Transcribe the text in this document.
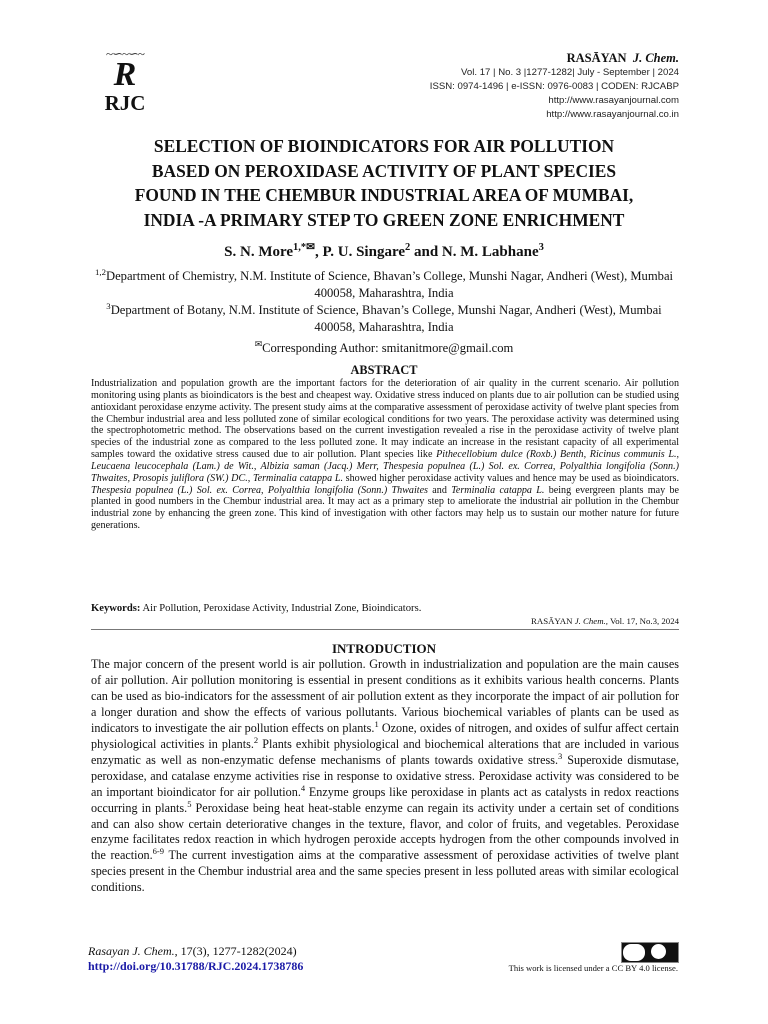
~∽~∽~
R
RJC
RASĀYAN J. Chem.
Vol. 17 | No. 3 |1277-1282| July - September | 2024
ISSN: 0974-1496 | e-ISSN: 0976-0083 | CODEN: RJCABP
http://www.rasayanjournal.com
http://www.rasayanjournal.co.in
SELECTION OF BIOINDICATORS FOR AIR POLLUTION
BASED ON PEROXIDASE ACTIVITY OF PLANT SPECIES
FOUND IN THE CHEMBUR INDUSTRIAL AREA OF MUMBAI,
INDIA -A PRIMARY STEP TO GREEN ZONE ENRICHMENT
S. N. More$^{1,*✉}$, P. U. Singare$^2$ and N. M. Labhane$^3$
$^{1,2}$Department of Chemistry, N.M. Institute of Science, Bhavan’s College, Munshi Nagar, Andheri (West), Mumbai 400058, Maharashtra, India
$^3$Department of Botany, N.M. Institute of Science, Bhavan’s College, Munshi Nagar, Andheri (West), Mumbai 400058, Maharashtra, India
✉Corresponding Author: smitanitmore@gmail.com
ABSTRACT
Industrialization and population growth are the important factors for the deterioration of air quality in the current scenario. Air pollution monitoring using plants as bioindicators is the best and cheapest way. Oxidative stress induced on plants due to air pollution can be studied using antioxidant peroxidase enzyme activity. The present study aims at the comparative assessment of peroxidase activity of twelve plant species from the Chembur industrial area and less polluted zone of similar ecological conditions for two years. The peroxidase activity was determined using the spectrophotometric method. The observations based on the current investigation revealed a rise in the peroxidase activity of twelve plant species of the industrial zone as compared to the less polluted zone. It may indicate an increase in the resistant capacity of all experimental samples toward the oxidative stress caused due to air pollution. Plant species like Pithecellobium dulce (Roxb.) Benth, Ricinus communis L., Leucaena leucocephala (Lam.) de Wit., Albizia saman (Jacq.) Merr, Thespesia populnea (L.) Sol. ex. Correa, Polyalthia longifolia (Sonn.) Thwaites, Prosopis juliflora (SW.) DC., Terminalia catappa L. showed higher peroxidase activity values and hence may be used as bioindicators. Thespesia populnea (L.) Sol. ex. Correa, Polyalthia longifolia (Sonn.) Thwaites and Terminalia catappa L. being evergreen plants may be planted in good numbers in the Chembur industrial area. It may act as a primary step to ameliorate the industrial air pollution in the Chembur industrial zone by enhancing the green zone. This kind of investigation with other factors may help us to sustain our mother nature for future generations.
Keywords: Air Pollution, Peroxidase Activity, Industrial Zone, Bioindicators.
RASĀYAN J. Chem., Vol. 17, No.3, 2024
INTRODUCTION
The major concern of the present world is air pollution. Growth in industrialization and population are the main causes of air pollution. Air pollution monitoring is essential in present conditions as it exhibits various health concerns. Plants can be used as bio-indicators for the assessment of air pollution extent as they incorporate the impact of air pollution for a longer duration and show the effects of various pollutants. Various biochemical variables of plants can be used as indicators to investigate the air pollution effects on plants.$^1$ Ozone, oxides of nitrogen, and oxides of sulfur affect certain physiological activities in plants.$^2$ Plants exhibit physiological and biochemical alterations that are included in various enzymatic as well as non-enzymatic defense mechanisms of plants towards oxidative stress.$^3$ Superoxide dismutase, peroxidase, and catalase enzyme activities rise in response to oxidative stress. Peroxidase activity was considered to be an important bioindicator for air pollution.$^4$ Enzyme groups like peroxidase in plants act as catalysts in redox reactions occurring in plants.$^5$ Peroxidase being heat heat-stable enzyme can regain its activity under a certain set of conditions and can also show certain deteriorative changes in the texture, flavor, and color of fruits, and vegetables. Peroxidase enzyme facilitates redox reaction in which hydrogen peroxide accepts hydrogen from the other compounds involved in the reaction.$^{6-9}$ The current investigation aims at the comparative assessment of peroxidase activities of twelve plant species present in the Chembur industrial area and the same species present in less polluted areas with similar ecological conditions.
Rasayan J. Chem., 17(3), 1277-1282(2024)
http://doi.org/10.31788/RJC.2024.1738786	This work is licensed under a CC BY 4.0 license.
